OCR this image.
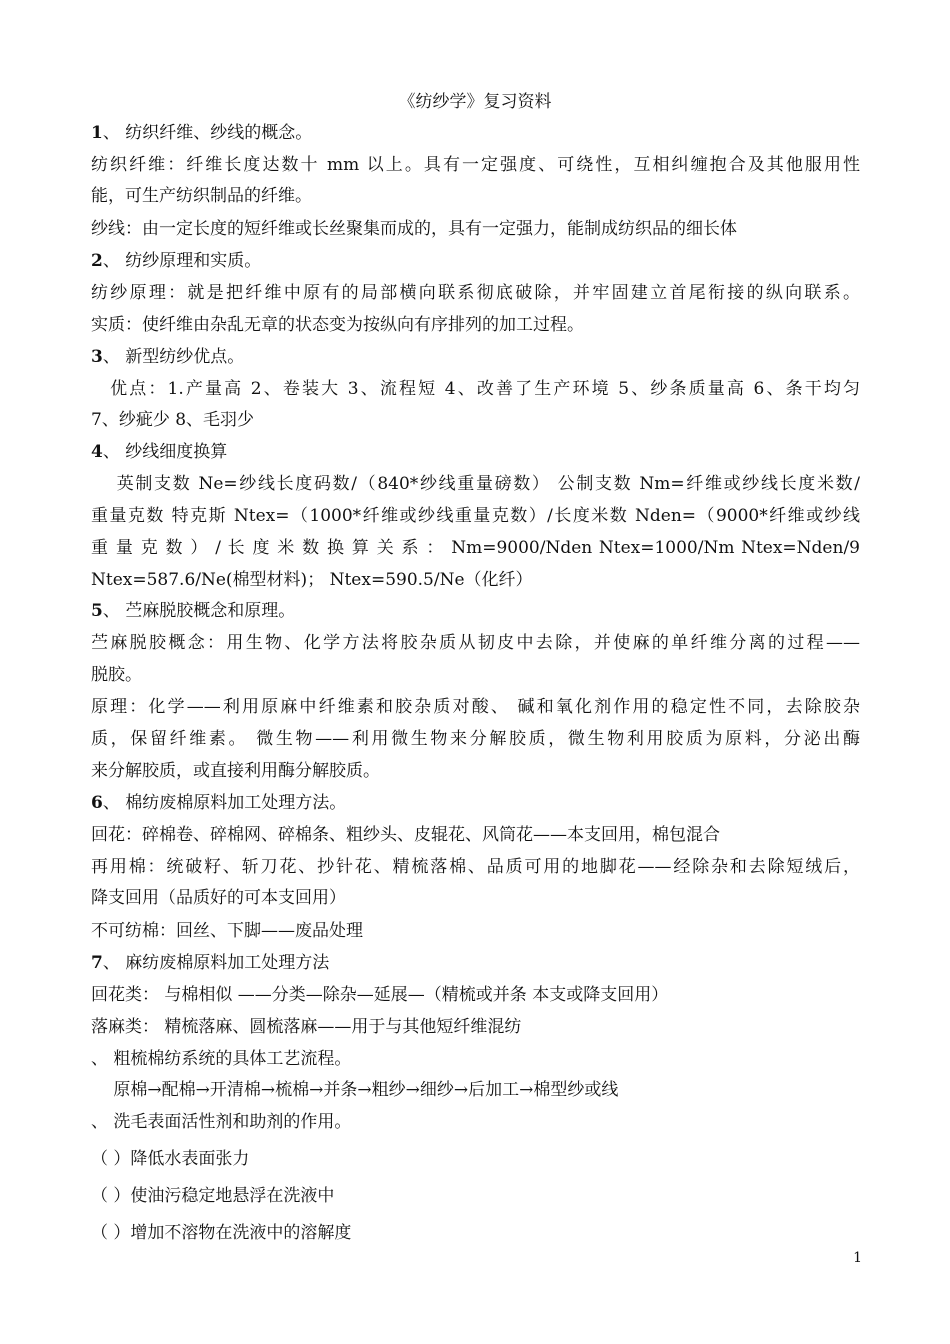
《纺纱学》复习资料
1、 纺织纤维、纱线的概念。
纺织纤维：纤维长度达数十 mm 以上。具有一定强度、可绕性，互相纠缠抱合及其他服用性
能，可生产纺织制品的纤维。
纱线：由一定长度的短纤维或长丝聚集而成的，具有一定强力，能制成纺织品的细长体
2、 纺纱原理和实质。
纺纱原理：就是把纤维中原有的局部横向联系彻底破除，并牢固建立首尾衔接的纵向联系。
实质：使纤维由杂乱无章的状态变为按纵向有序排列的加工过程。
3、 新型纺纱优点。
　优点：1.产量高 2、卷装大 3、流程短 4、改善了生产环境 5、纱条质量高 6、条干均匀
7、纱疵少 8、毛羽少
4、 纱线细度换算
　 英制支数 Ne=纱线长度码数/（840*纱线重量磅数） 公制支数 Nm=纤维或纱线长度米数/
重量克数 特克斯 Ntex=（1000*纤维或纱线重量克数）/长度米数 Nden=（9000*纤维或纱线
重 量 克 数 ） / 长 度 米 数 换 算 关 系 ： Nm=9000/Nden Ntex=1000/Nm Ntex=Nden/9
Ntex=587.6/Ne(棉型材料)； Ntex=590.5/Ne（化纤）
5、 苎麻脱胶概念和原理。
苎麻脱胶概念：用生物、化学方法将胶杂质从韧皮中去除，并使麻的单纤维分离的过程——
脱胶。
原理：化学——利用原麻中纤维素和胶杂质对酸、 碱和氧化剂作用的稳定性不同，去除胶杂
质，保留纤维素。 微生物——利用微生物来分解胶质，微生物利用胶质为原料，分泌出酶
来分解胶质，或直接利用酶分解胶质。
6、 棉纺废棉原料加工处理方法。
回花：碎棉卷、碎棉网、碎棉条、粗纱头、皮辊花、风筒花——本支回用，棉包混合
再用棉：统破籽、斩刀花、抄针花、精梳落棉、品质可用的地脚花——经除杂和去除短绒后，
降支回用（品质好的可本支回用）
不可纺棉：回丝、下脚——废品处理
7、 麻纺废棉原料加工处理方法
回花类： 与棉相似 ——分类—除杂—延展—（精梳或并条 本支或降支回用）
落麻类： 精梳落麻、圆梳落麻——用于与其他短纤维混纺
、 粗梳棉纺系统的具体工艺流程。
　 原棉→配棉→开清棉→梳棉→并条→粗纱→细纱→后加工→棉型纱或线
、 洗毛表面活性剂和助剂的作用。
（ ）降低水表面张力
（ ）使油污稳定地悬浮在洗液中
（ ）增加不溶物在洗液中的溶解度
1
